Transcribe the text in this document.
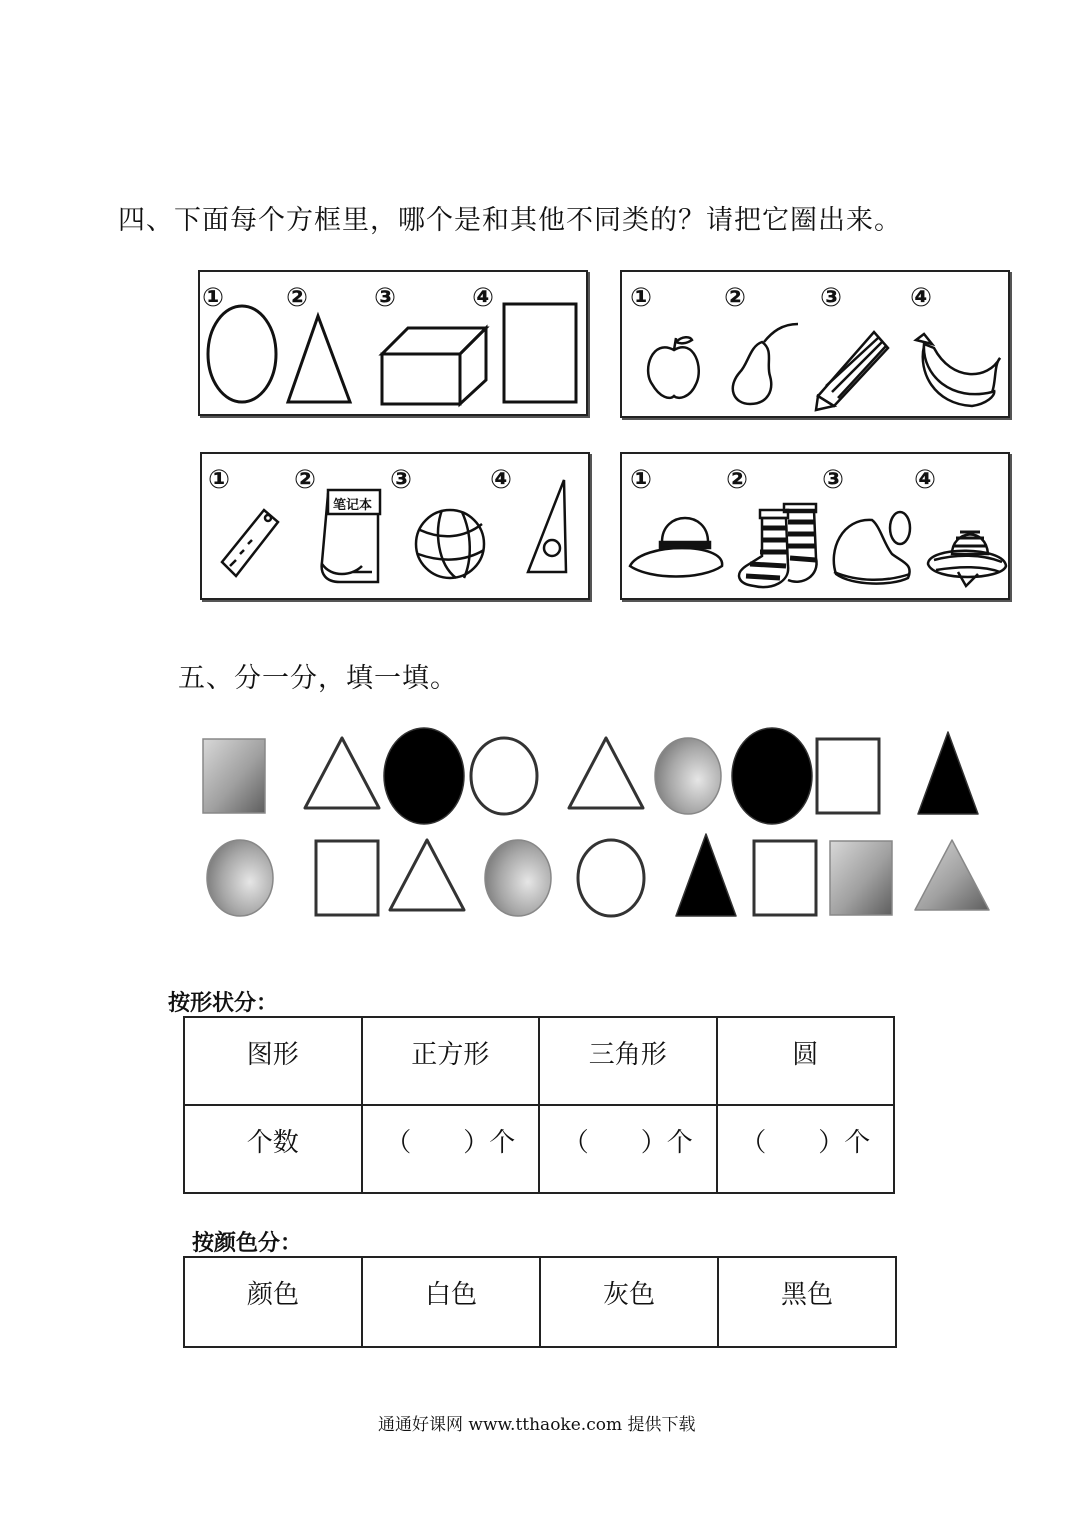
四、下面每个方框里，哪个是和其他不同类的？请把它圈出来。
① ②	③	④	①	②	③	④
① ②	③	④
笔记本
①	②	③	④
五、分一分，填一填。
按形状分：
图形	正方形	三角形	圆
个数	（　　）个	（　　）个	（　　）个
按颜色分：
颜色	白色	灰色	黑色
通通好课网 www.tthaoke.com 提供下载
